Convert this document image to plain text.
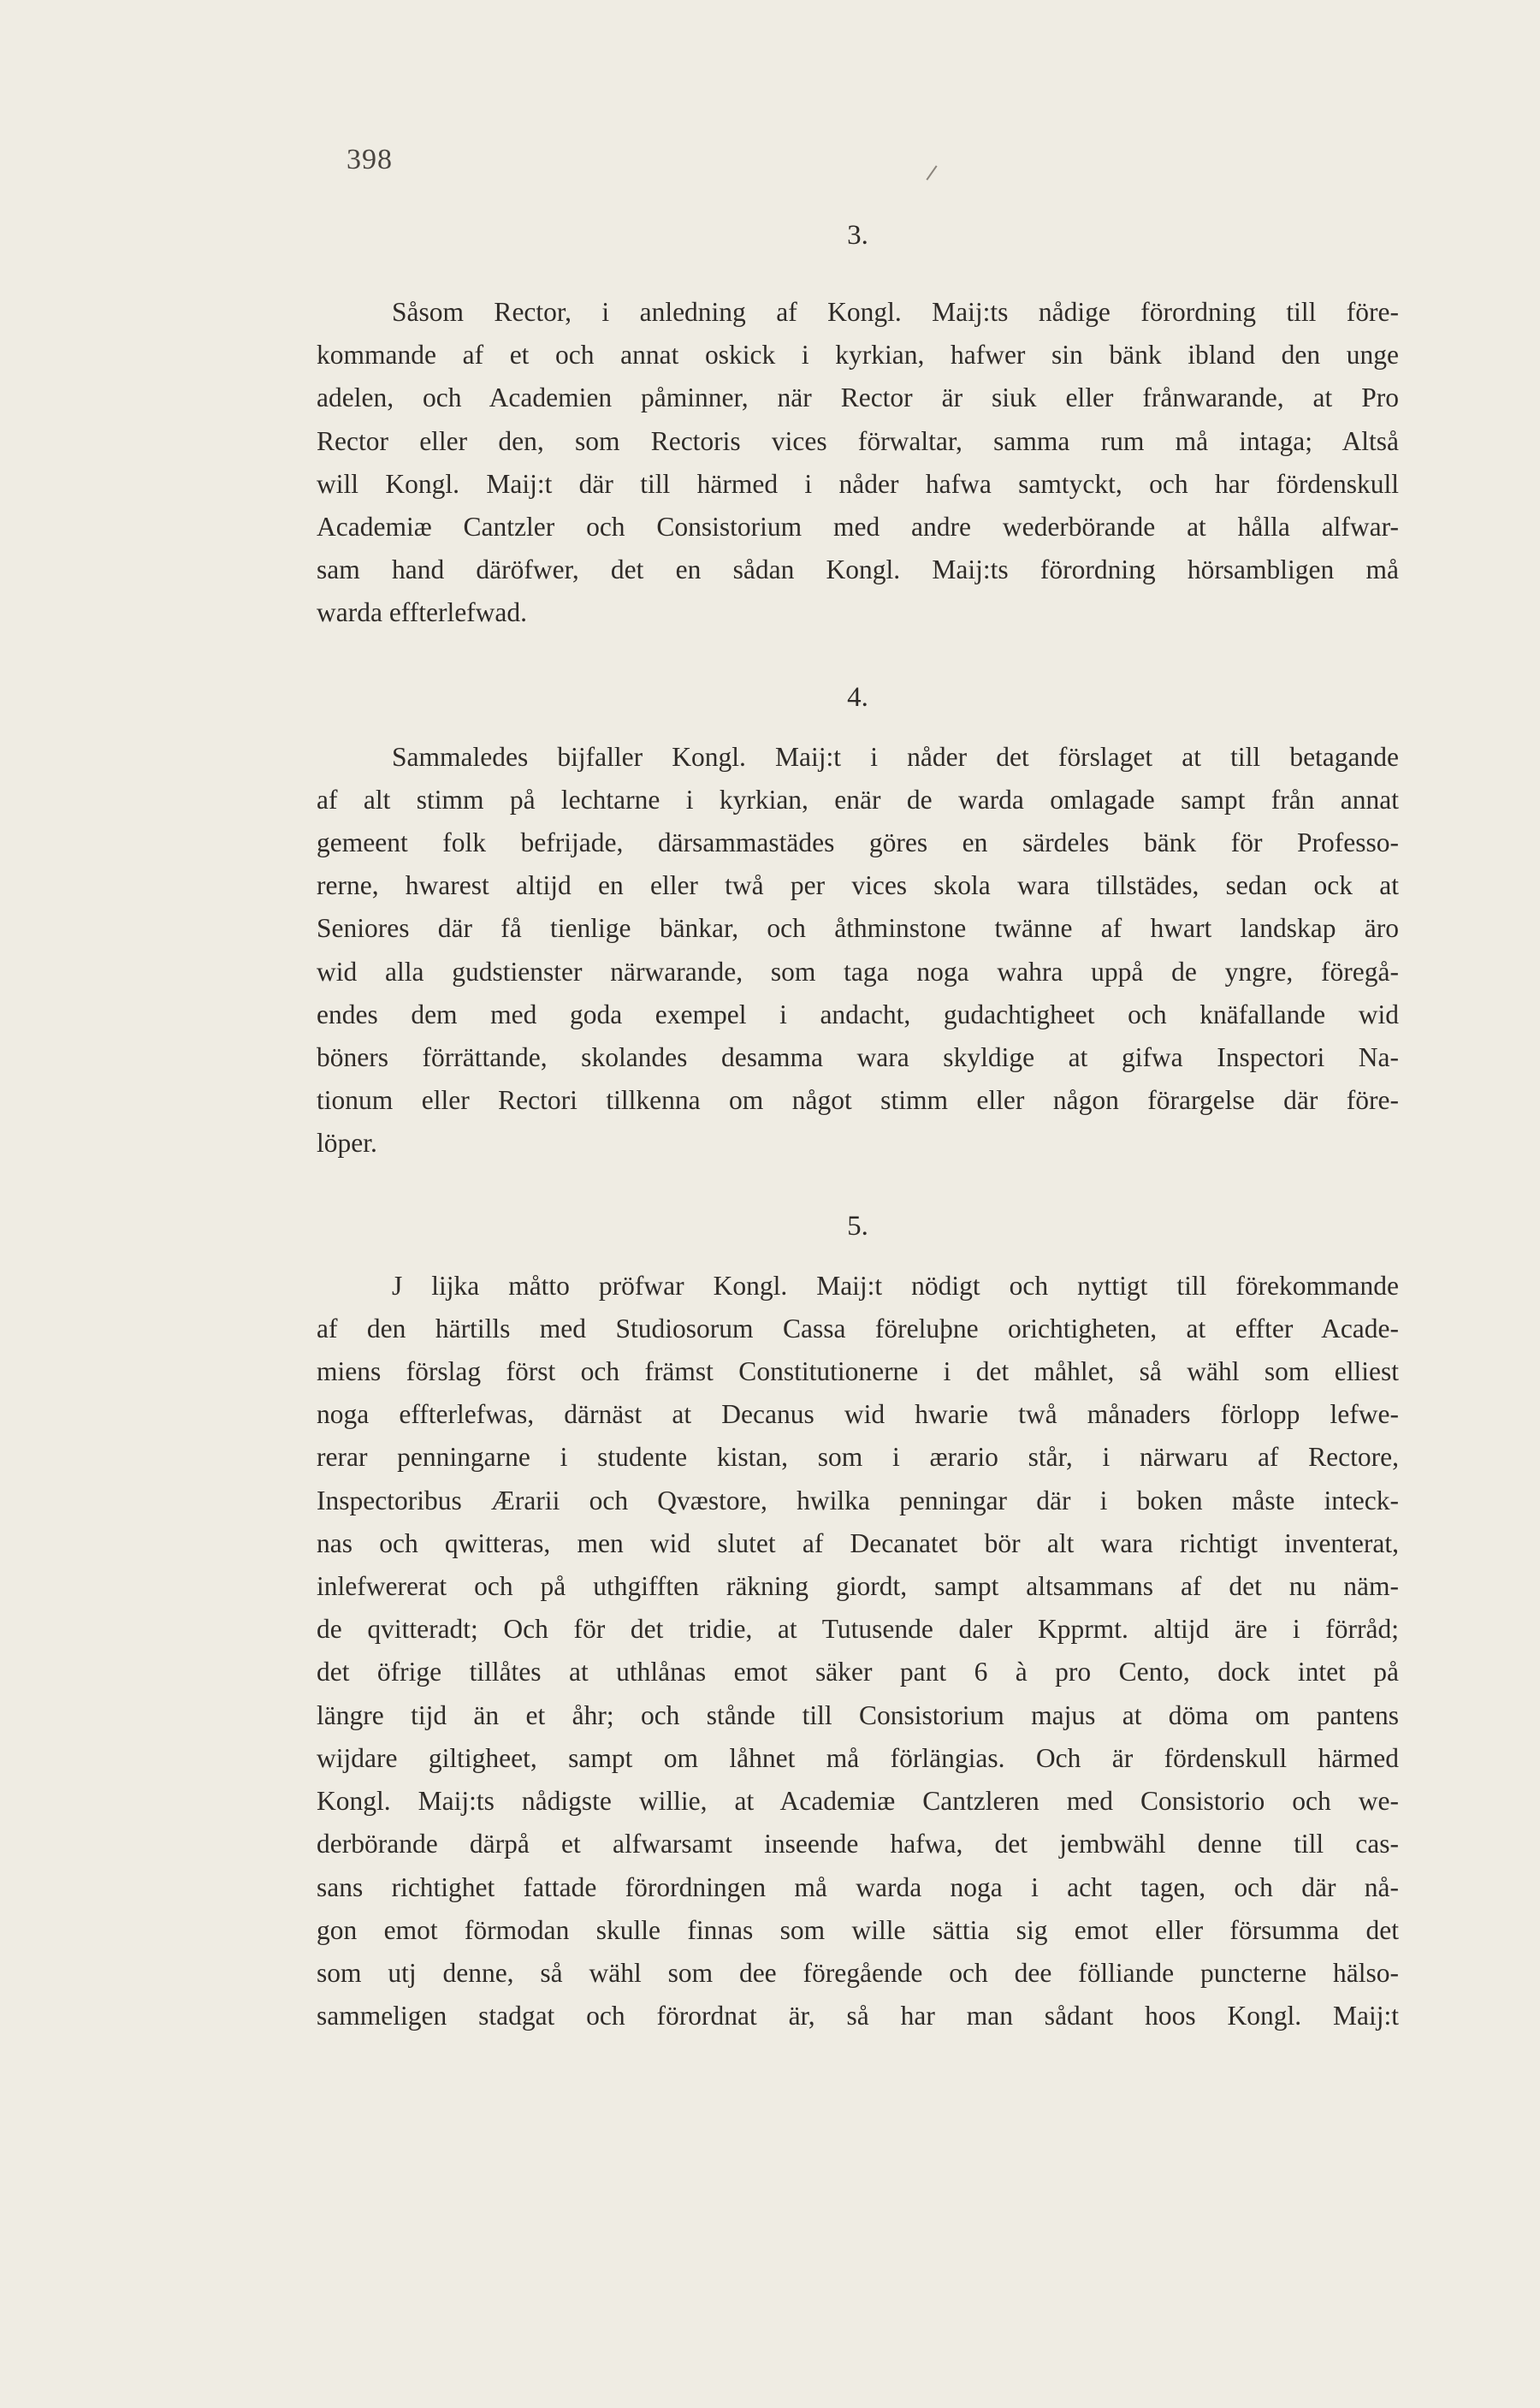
398
3.
Såsom Rector, i anledning af Kongl. Maij:ts nådige förordning till före-
kommande af et och annat oskick i kyrkian, hafwer sin bänk ibland den unge
adelen, och Academien påminner, när Rector är siuk eller frånwarande, at Pro
Rector eller den, som Rectoris vices förwaltar, samma rum må intaga; Altså
will Kongl. Maij:t där till härmed i nåder hafwa samtyckt, och har fördenskull
Academiæ Cantzler och Consistorium med andre wederbörande at hålla alfwar-
sam hand däröfwer, det en sådan Kongl. Maij:ts förordning hörsambligen må
warda effterlefwad.
4.
Sammaledes bijfaller Kongl. Maij:t i nåder det förslaget at till betagande
af alt stimm på lechtarne i kyrkian, enär de warda omlagade sampt från annat
gemeent folk befrijade, därsammastädes göres en särdeles bänk för Professo-
rerne, hwarest altijd en eller twå per vices skola wara tillstädes, sedan ock at
Seniores där få tienlige bänkar, och åthminstone twänne af hwart landskap äro
wid alla gudstienster närwarande, som taga noga wahra uppå de yngre, föregå-
endes dem med goda exempel i andacht, gudachtigheet och knäfallande wid
böners förrättande, skolandes desamma wara skyldige at gifwa Inspectori Na-
tionum eller Rectori tillkenna om något stimm eller någon förargelse där före-
löper.
5.
J lijka måtto pröfwar Kongl. Maij:t nödigt och nyttigt till förekommande
af den härtills med Studiosorum Cassa föreluþne orichtigheten, at effter Acade-
miens förslag först och främst Constitutionerne i det måhlet, så wähl som elliest
noga effterlefwas, därnäst at Decanus wid hwarie twå månaders förlopp lefwe-
rerar penningarne i studente kistan, som i ærario står, i närwaru af Rectore,
Inspectoribus Ærarii och Qvæstore, hwilka penningar där i boken måste inteck-
nas och qwitteras, men wid slutet af Decanatet bör alt wara richtigt inventerat,
inlefwererat och på uthgifften räkning giordt, sampt altsammans af det nu näm-
de qvitteradt; Och för det tridie, at Tutusende daler Kpprmt. altijd äre i förråd;
det öfrige tillåtes at uthlånas emot säker pant 6 à pro Cento, dock intet på
längre tijd än et åhr; och stånde till Consistorium majus at döma om pantens
wijdare giltigheet, sampt om låhnet må förlängias. Och är fördenskull härmed
Kongl. Maij:ts nådigste willie, at Academiæ Cantzleren med Consistorio och we-
derbörande därpå et alfwarsamt inseende hafwa, det jembwähl denne till cas-
sans richtighet fattade förordningen må warda noga i acht tagen, och där nå-
gon emot förmodan skulle finnas som wille sättia sig emot eller försumma det
som utj denne, så wähl som dee föregående och dee fölliande puncterne hälso-
sammeligen stadgat och förordnat är, så har man sådant hoos Kongl. Maij:t
